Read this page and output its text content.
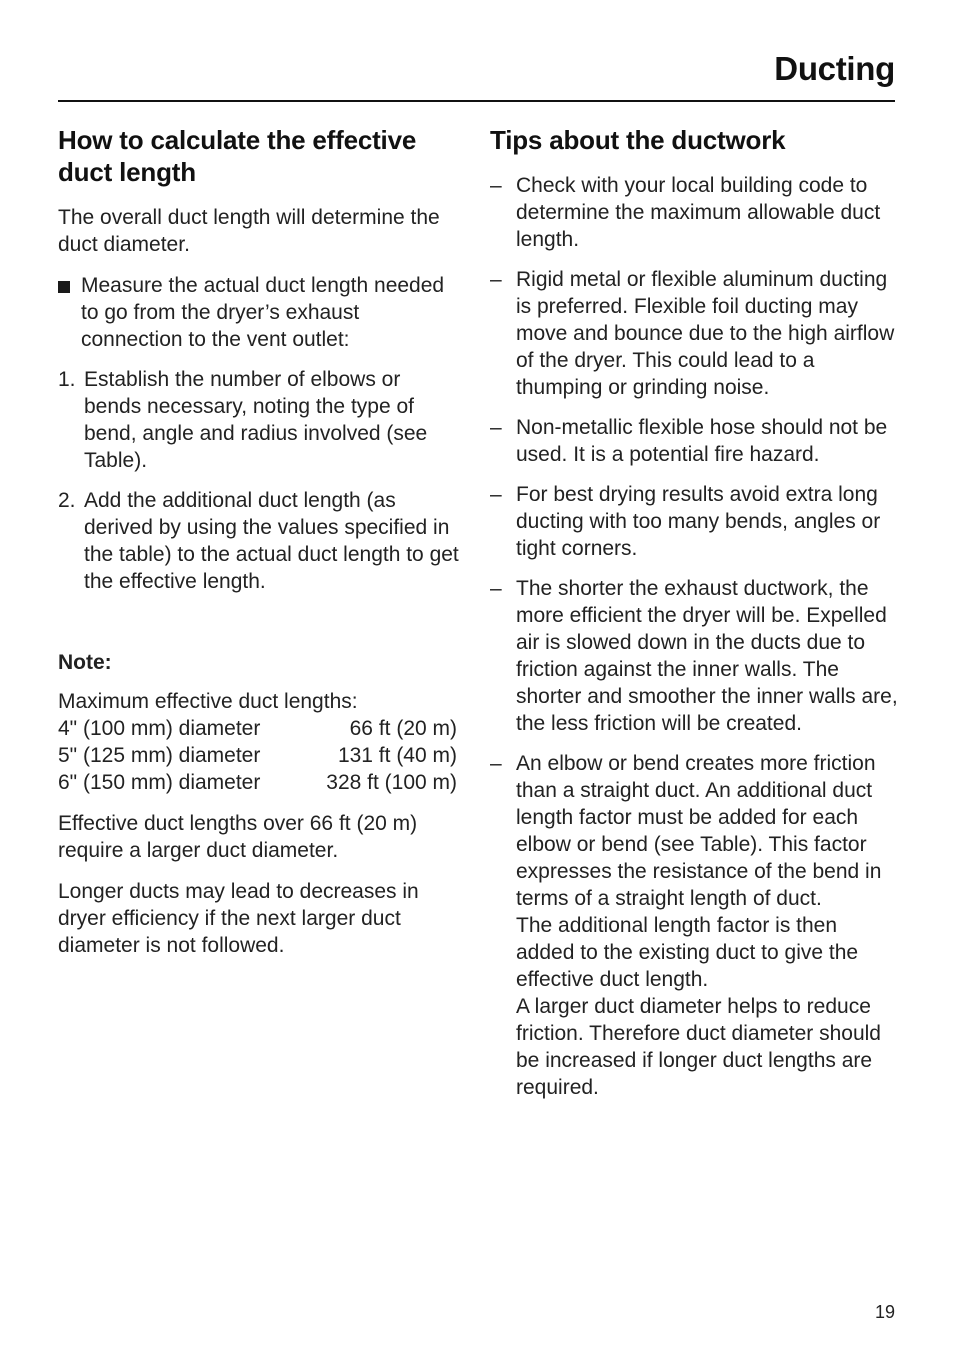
Ducting
How to calculate the effective duct length

The overall duct length will determine the duct diameter.

Measure the actual duct length needed to go from the dryer’s exhaust connection to the vent outlet:
1. Establish the number of elbows or bends necessary, noting the type of bend, angle and radius involved (see Table).
2. Add the additional duct length (as derived by using the values specified in the table) to the actual duct length to get the effective length.
Note:

Maximum effective duct lengths:

4" (100 mm) diameter	66 ft (20 m)
5" (125 mm) diameter	131 ft (40 m)
6" (150 mm) diameter	328 ft (100 m)

Effective duct lengths over 66 ft (20 m) require a larger duct diameter.

Longer ducts may lead to decreases in dryer efficiency if the next larger duct diameter is not followed.

Tips about the ductwork
– Check with your local building code to determine the maximum allowable duct length.
– Rigid metal or flexible aluminum ducting is preferred. Flexible foil ducting may move and bounce due to the high airflow of the dryer. This could lead to a thumping or grinding noise.
– Non-metallic flexible hose should not be used. It is a potential fire hazard.
– For best drying results avoid extra long ducting with too many bends, angles or tight corners.
– The shorter the exhaust ductwork, the more efficient the dryer will be. Expelled air is slowed down in the ducts due to friction against the inner walls. The shorter and smoother the inner walls are, the less friction will be created.
– An elbow or bend creates more friction than a straight duct. An additional duct length factor must be added for each elbow or bend (see Table). This factor expresses the resistance of the bend in terms of a straight length of duct.
The additional length factor is then added to the existing duct to give the effective duct length.
A larger duct diameter helps to reduce friction. Therefore duct diameter should be increased if longer duct lengths are required.
19
